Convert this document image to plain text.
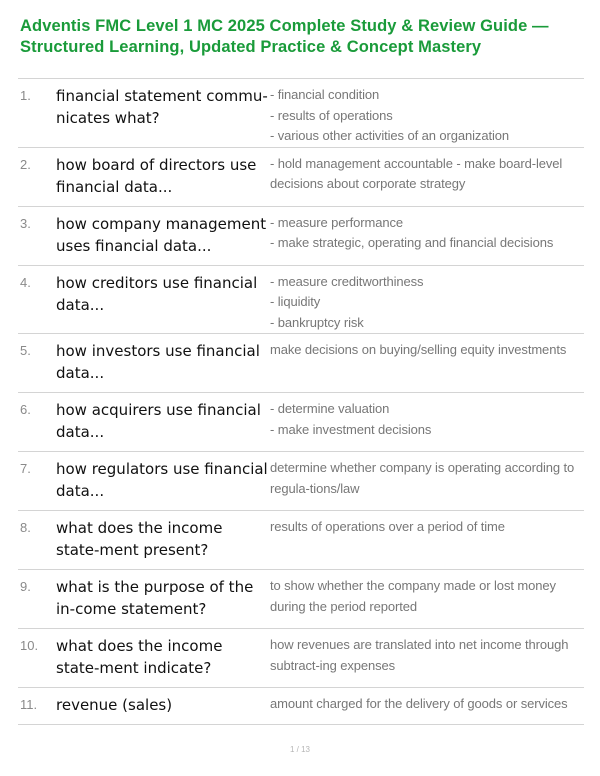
Adventis FMC Level 1 MC 2025 Complete Study & Review Guide — Structured Learning, Updated Practice & Concept Mastery
1.	financial statement commu-nicates what?
- financial condition
- results of operations
- various other activities of an organization
2.	how board of directors use financial data...
- hold management accountable - make board-level decisions about corporate strategy
3.	how company management uses financial data...
- measure performance
- make strategic, operating and financial decisions
4.	how creditors use financial data...
- measure creditworthiness
- liquidity
- bankruptcy risk
5.	how investors use financial data...
make decisions on buying/selling equity investments
6.	how acquirers use financial data...
- determine valuation
- make investment decisions
7.	how regulators use financial data...
determine whether company is operating according to regula-tions/law
8.	what does the income state-ment present?
results of operations over a period of time
9.	what is the purpose of the in-come statement?
to show whether the company made or lost money during the period reported
10.	what does the income state-ment indicate?
how revenues are translated into net income through subtract-ing expenses
11.	revenue (sales)	amount charged for the delivery of goods or services
1 / 13
